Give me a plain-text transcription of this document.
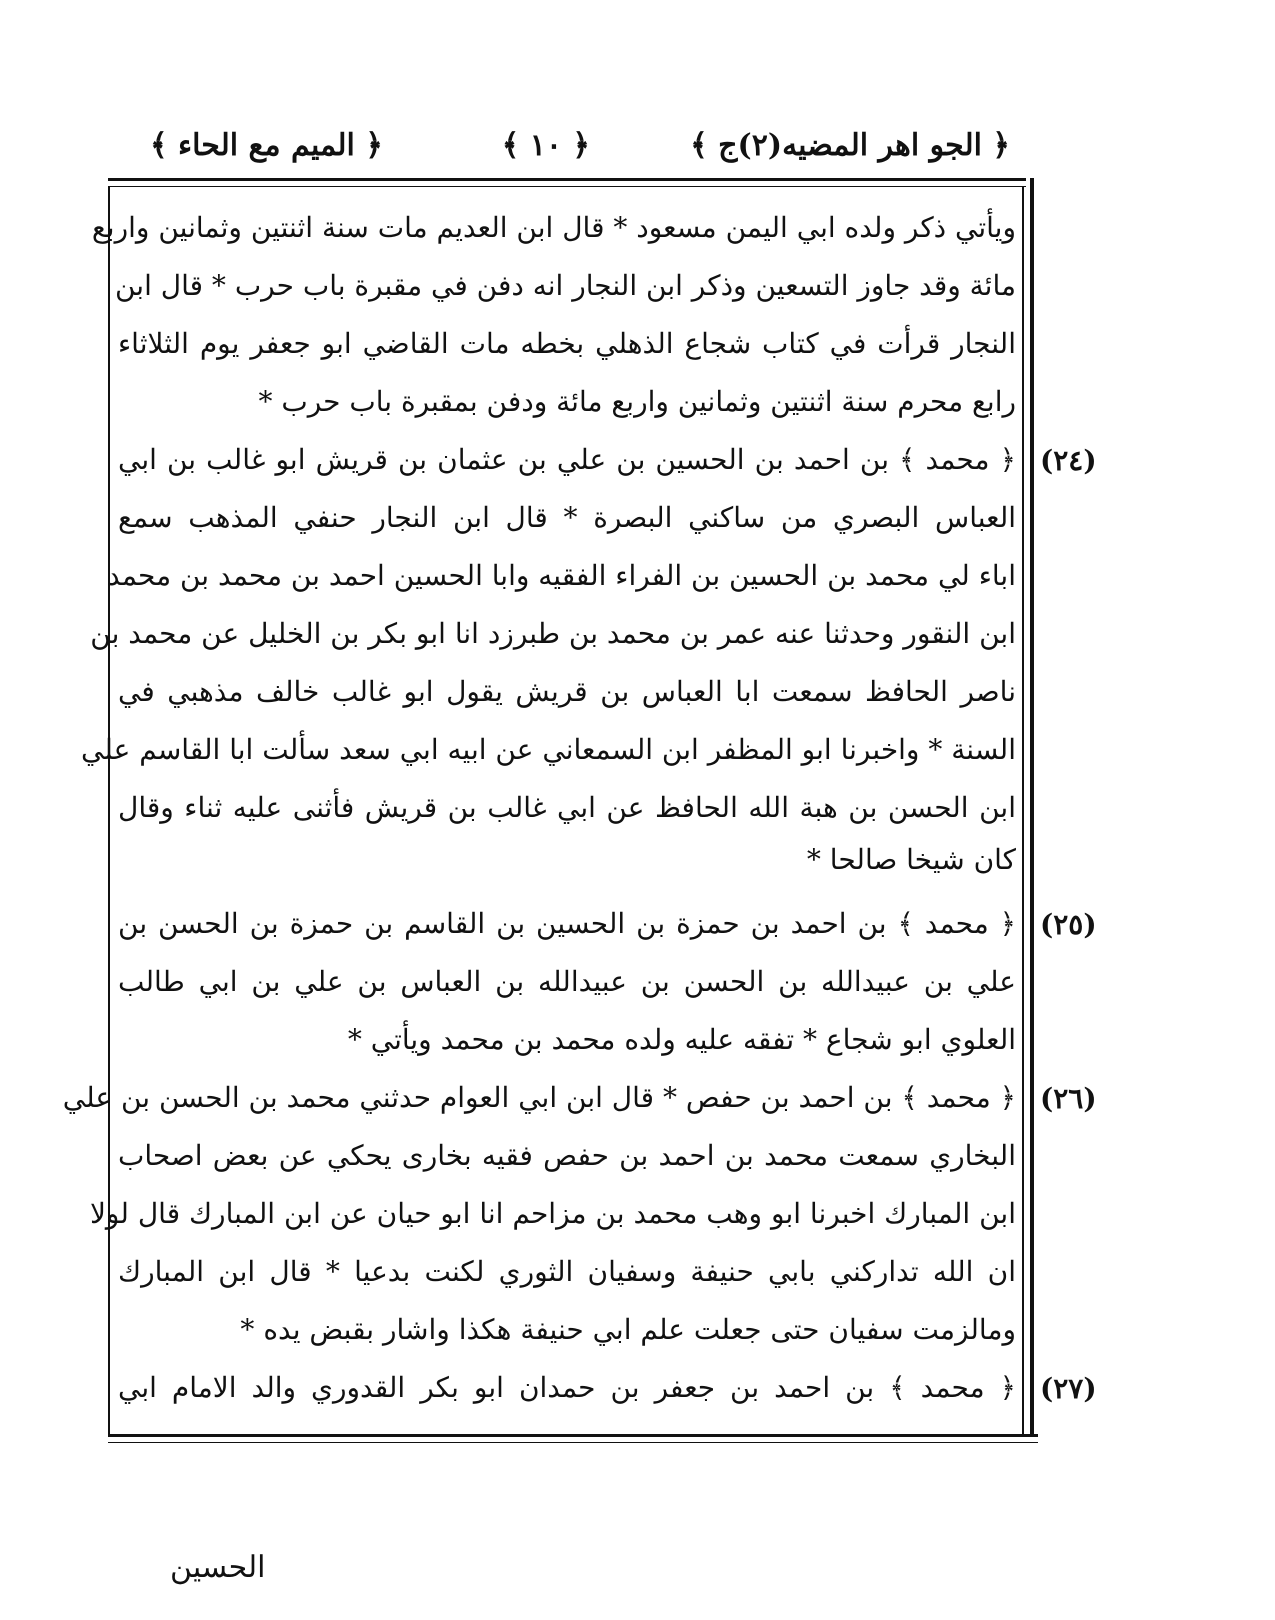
﴿ الجو اهر المضيه(٢)ج ﴾
﴿ ١٠ ﴾
﴿ الميم مع الحاء ﴾
ويأتي ذكر ولده ابي اليمن مسعود * قال ابن العديم مات سنة اثنتين وثمانين واربع
مائة وقد جاوز التسعين وذكر ابن النجار انه دفن في مقبرة باب حرب * قال ابن
النجار قرأت في كتاب شجاع الذهلي بخطه مات القاضي ابو جعفر يوم الثلاثاء
رابع محرم سنة اثنتين وثمانين واربع مائة ودفن بمقبرة باب حرب *
﴿ محمد ﴾ بن احمد بن الحسين بن علي بن عثمان بن قريش ابو غالب بن ابي
العباس البصري من ساكني البصرة * قال ابن النجار حنفي المذهب سمع
اباء لي محمد بن الحسين بن الفراء الفقيه وابا الحسين احمد بن محمد بن محمد
ابن النقور وحدثنا عنه عمر بن محمد بن طبرزد انا ابو بكر بن الخليل عن محمد بن
ناصر الحافظ سمعت ابا العباس بن قريش يقول ابو غالب خالف مذهبي في
السنة * واخبرنا ابو المظفر ابن السمعاني عن ابيه ابي سعد سألت ابا القاسم علي
ابن الحسن بن هبة الله الحافظ عن ابي غالب بن قريش فأثنى عليه ثناء وقال
كان شيخا صالحا *
﴿ محمد ﴾ بن احمد بن حمزة بن الحسين بن القاسم بن حمزة بن الحسن بن
علي بن عبيدالله بن الحسن بن عبيدالله بن العباس بن علي بن ابي طالب
العلوي ابو شجاع * تفقه عليه ولده محمد بن محمد ويأتي *
﴿ محمد ﴾ بن احمد بن حفص * قال ابن ابي العوام حدثني محمد بن الحسن بن علي
البخاري سمعت محمد بن احمد بن حفص فقيه بخارى يحكي عن بعض اصحاب
ابن المبارك اخبرنا ابو وهب محمد بن مزاحم انا ابو حيان عن ابن المبارك قال لولا
ان الله تداركني بابي حنيفة وسفيان الثوري لكنت بدعيا * قال ابن المبارك
ومالزمت سفيان حتى جعلت علم ابي حنيفة هكذا واشار بقبض يده *
﴿ محمد ﴾ بن احمد بن جعفر بن حمدان ابو بكر القدوري والد الامام ابي
(٢٤)
(٢٥)
(٢٦)
(٢٧)
الحسين
